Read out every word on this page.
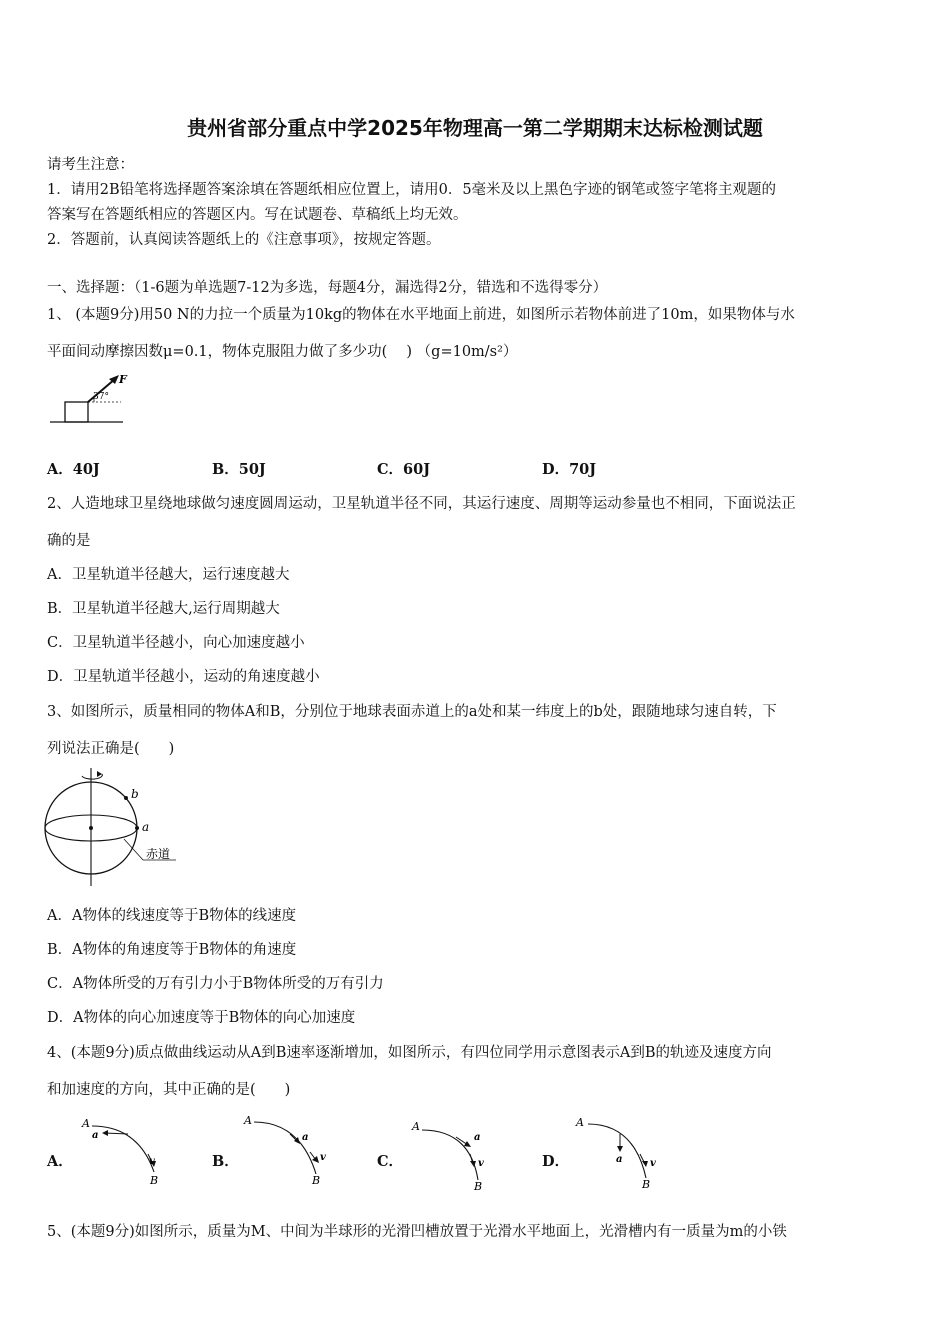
贵州省部分重点中学2025年物理高一第二学期期末达标检测试题
请考生注意：
1．请用2B铅笔将选择题答案涂填在答题纸相应位置上，请用0．5毫米及以上黑色字迹的钢笔或签字笔将主观题的
答案写在答题纸相应的答题区内。写在试题卷、草稿纸上均无效。
2．答题前，认真阅读答题纸上的《注意事项》，按规定答题。
一、选择题：（1-6题为单选题7-12为多选，每题4分，漏选得2分，错选和不选得零分）
1、 (本题9分)用50 N的力拉一个质量为10kg的物体在水平地面上前进，如图所示若物体前进了10m，如果物体与水
平面间动摩擦因数μ=0.1，物体克服阻力做了多少功(　 ) （g=10m/s²）
F
37°
A．40J	B．50J	C．60J	D．70J
2、人造地球卫星绕地球做匀速度圆周运动，卫星轨道半径不同，其运行速度、周期等运动参量也不相同，下面说法正
确的是
A．卫星轨道半径越大，运行速度越大
B．卫星轨道半径越大,运行周期越大
C．卫星轨道半径越小，向心加速度越小
D．卫星轨道半径越小，运动的角速度越小
3、如图所示，质量相同的物体A和B，分别位于地球表面赤道上的a处和某一纬度上的b处，跟随地球匀速自转，下
列说法正确是(　　)
b
a
赤道
A．A物体的线速度等于B物体的线速度
B．A物体的角速度等于B物体的角速度
C．A物体所受的万有引力小于B物体所受的万有引力
D．A物体的向心加速度等于B物体的向心加速度
4、(本题9分)质点做曲线运动从A到B速率逐渐增加，如图所示，有四位同学用示意图表示A到B的轨迹及速度方向
和加速度的方向，其中正确的是(　　)
A．
A
B
a
v	B．
A
B
a
v	C．
A
B
a
v	D．
A
B
a	v
5、(本题9分)如图所示，质量为M、中间为半球形的光滑凹槽放置于光滑水平地面上，光滑槽内有一质量为m的小铁
